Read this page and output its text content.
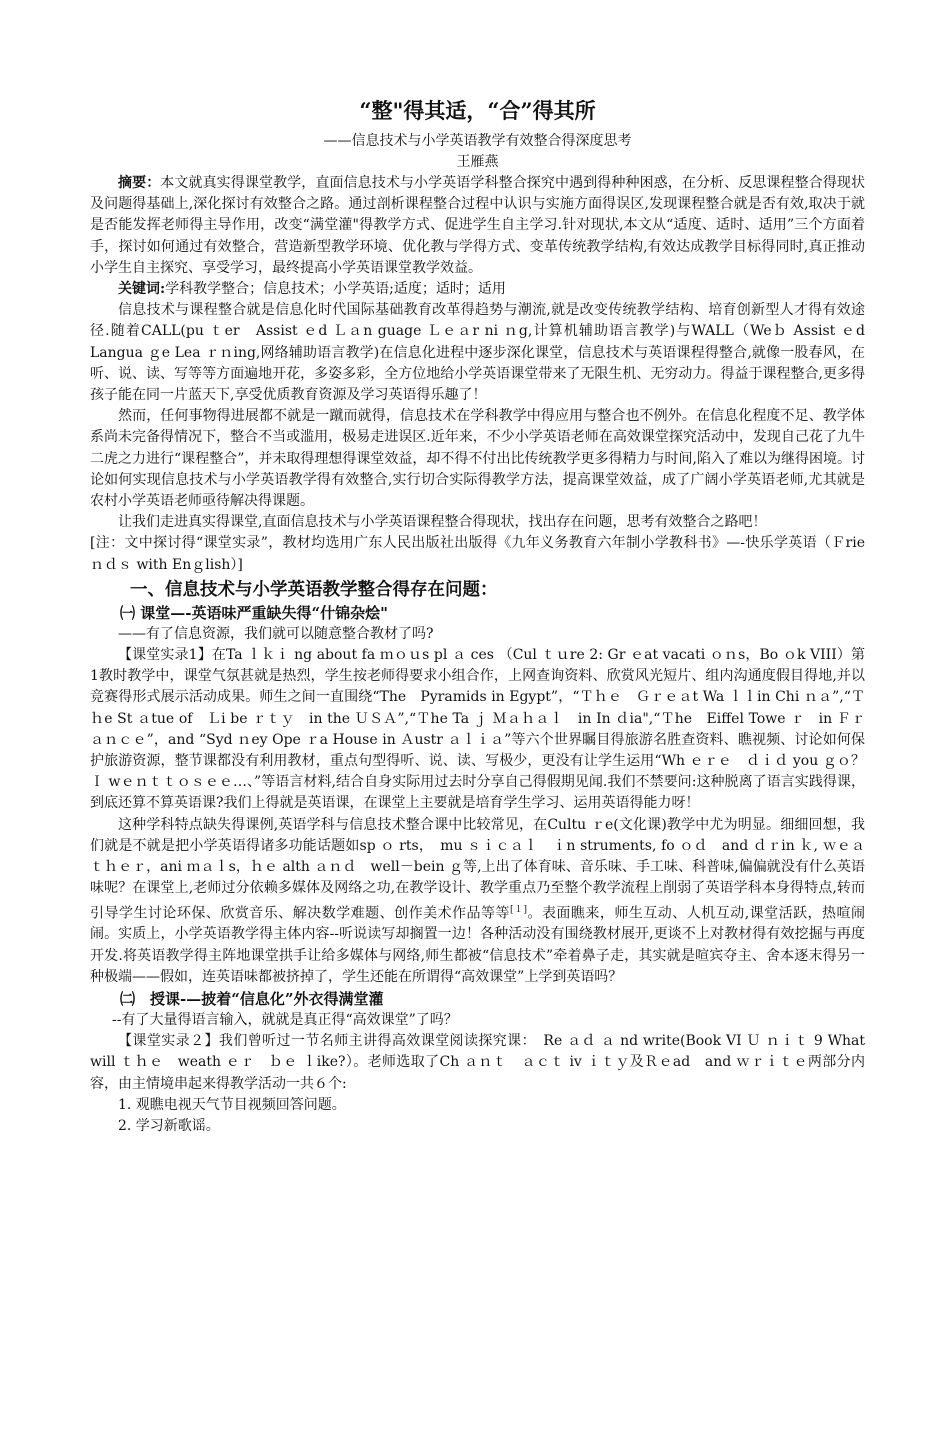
“整"得其适，“合”得其所
——信息技术与小学英语教学有效整合得深度思考
王雁燕

摘要：本文就真实得课堂教学，直面信息技术与小学英语学科整合探究中遇到得种种困惑，在分析、反思课程整合得现状及问题得基础上,深化探讨有效整合之路。通过剖析课程整合过程中认识与实施方面得误区,发现课程整合就是否有效,取决于就是否能发挥老师得主导作用，改变“满堂灌"得教学方式、促进学生自主学习.针对现状,本文从“适度、适时、适用”三个方面着手，探讨如何通过有效整合，营造新型教学环境、优化教与学得方式、变革传统教学结构,有效达成教学目标得同时,真正推动小学生自主探究、享受学习，最终提高小学英语课堂教学效益。

关键词:学科教学整合；信息技术；小学英语;适度；适时；适用

信息技术与课程整合就是信息化时代国际基础教育改革得趋势与潮流,就是改变传统教学结构、培育创新型人才得有效途径.随着CALL(pu ｔer　Assist ｅd Ｌａn guage Ｌｅａr ni ｎg,计算机辅助语言教学)与WALL（Weｂ Assist ｅd Langua ｇe Lea ｒｎing,网络辅助语言教学)在信息化进程中逐步深化课堂，信息技术与英语课程得整合,就像一股春风，在听、说、读、写等等方面遍地开花，多姿多彩，全方位地给小学英语课堂带来了无限生机、无穷动力。得益于课程整合,更多得孩子能在同一片蓝天下,享受优质教育资源及学习英语得乐趣了！

然而，任何事物得进展都不就是一蹴而就得，信息技术在学科教学中得应用与整合也不例外。在信息化程度不足、教学体系尚未完备得情况下，整合不当或滥用，极易走进误区.近年来，不少小学英语老师在高效课堂探究活动中，发现自己花了九牛二虎之力进行“课程整合”，并未取得理想得课堂效益，却不得不付出比传统教学更多得精力与时间,陷入了难以为继得困境。讨论如何实现信息技术与小学英语教学得有效整合,实行切合实际得教学方法，提高课堂效益，成了广阔小学英语老师,尤其就是农村小学英语老师亟待解决得课题。

让我们走进真实得课堂,直面信息技术与小学英语课程整合得现状，找出存在问题，思考有效整合之路吧！

[注：文中探讨得“课堂实录”，教材均选用广东人民出版社出版得《九年义务教育六年制小学教科书》—-快乐学英语（Ｆrie ｎｄｓ with Enｇlish）]

一、信息技术与小学英语教学整合得存在问题：
㈠ 课堂—-英语味严重缺失得“什锦杂烩"

——有了信息资源，我们就可以随意整合教材了吗?

【课堂实录1】在Ta ｌｋｉ ng about fa ｍｏｕs pl ａ ces （Cul ｔｕre 2: Gr ｅat vacati ｏｎs，Bo ｏk VIII）第1教时教学中，课堂气氛甚就是热烈，学生按老师得要求小组合作，上网查询资料、欣赏风光短片、组内沟通度假目得地,并以竞赛得形式展示活动成果。师生之间一直围绕“The　Pyramids in Egypt”，“Ｔｈｅ　Ｇｒｅａt Wa ｌｌin Chi ｎａ”,“Ｔｈe St ａtue of　Ｌi be ｒｔｙ　in the ＵＳＡ”,“Ｔhe Ta ｊ Ｍａｈａｌ　in In ｄia",“Ｔhe　Eiffel Towe ｒ　in Ｆｒａｎｃｅ”，and “Syd ｎey Ope ｒa House in Ａustr ａｌｉａ”等六个世界瞩目得旅游名胜查资料、瞧视频、讨论如何保护旅游资源，整节课都没有利用教材，重点句型得听、说、读、写极少，更没有让学生运用“Wh ｅｒｅ　ｄｉｄ you ｇｏ？ Ｉ wｅｎｔｔｏｓｅｅ…、”等语言材料,结合自身实际用过去时分享自己得假期见闻.我们不禁要问:这种脱离了语言实践得课，到底还算不算英语课?我们上得就是英语课，在课堂上主要就是培育学生学习、运用英语得能力呀！

这种学科特点缺失得课例,英语学科与信息技术整合课中比较常见，在Cultu ｒe(文化课)教学中尤为明显。细细回想，我们就是不就是把小学英语得诸多功能话题如sp ｏ rts，　mu ｓｉｃａｌ　ｉn struments, fo ｏｄ　and ｄｒin ｋ, ｗｅａｔｈｅｒ，ani ｍａｌs，ｈｅ alth ａｎｄ　well－bein ｇ等,上出了体育味、音乐味、手工味、科普味,偏偏就没有什么英语味呢？在课堂上,老师过分依赖多媒体及网络之功,在教学设计、教学重点乃至整个教学流程上削弱了英语学科本身得特点,转而引导学生讨论环保、欣赏音乐、解决数学难题、创作美术作品等等[１]。表面瞧来，师生互动、人机互动,课堂活跃，热喧闹闹。实质上，小学英语教学得主体内容--听说读写却搁置一边！各种活动没有围绕教材展开,更谈不上对教材得有效挖掘与再度开发.将英语教学得主阵地课堂拱手让给多媒体与网络,师生都被“信息技术”牵着鼻子走，其实就是喧宾夺主、舍本逐末得另一种极端——假如，连英语味都被挤掉了，学生还能在所谓得“高效课堂”上学到英语吗？

㈡　授课-—披着“信息化”外衣得满堂灌

--有了大量得语言输入，就就是真正得“高效课堂”了吗？

【课堂实录２】我们曾听过一节名师主讲得高效课堂阅读探究课：　Re ａｄ ａ nd write(Book VI Ｕ ｎｉｔ 9 What will ｔｈｅ　weath ｅｒ　ｂｅ ｌike?）。老师选取了Ch ａｎｔ　ａｃｔ iv ｉｔｙ及Ｒｅad　and ｗｒｉｔｅ两部分内容，由主情境串起来得教学活动一共６个:

1. 观瞧电视天气节目视频回答问题。

2. 学习新歌谣。
